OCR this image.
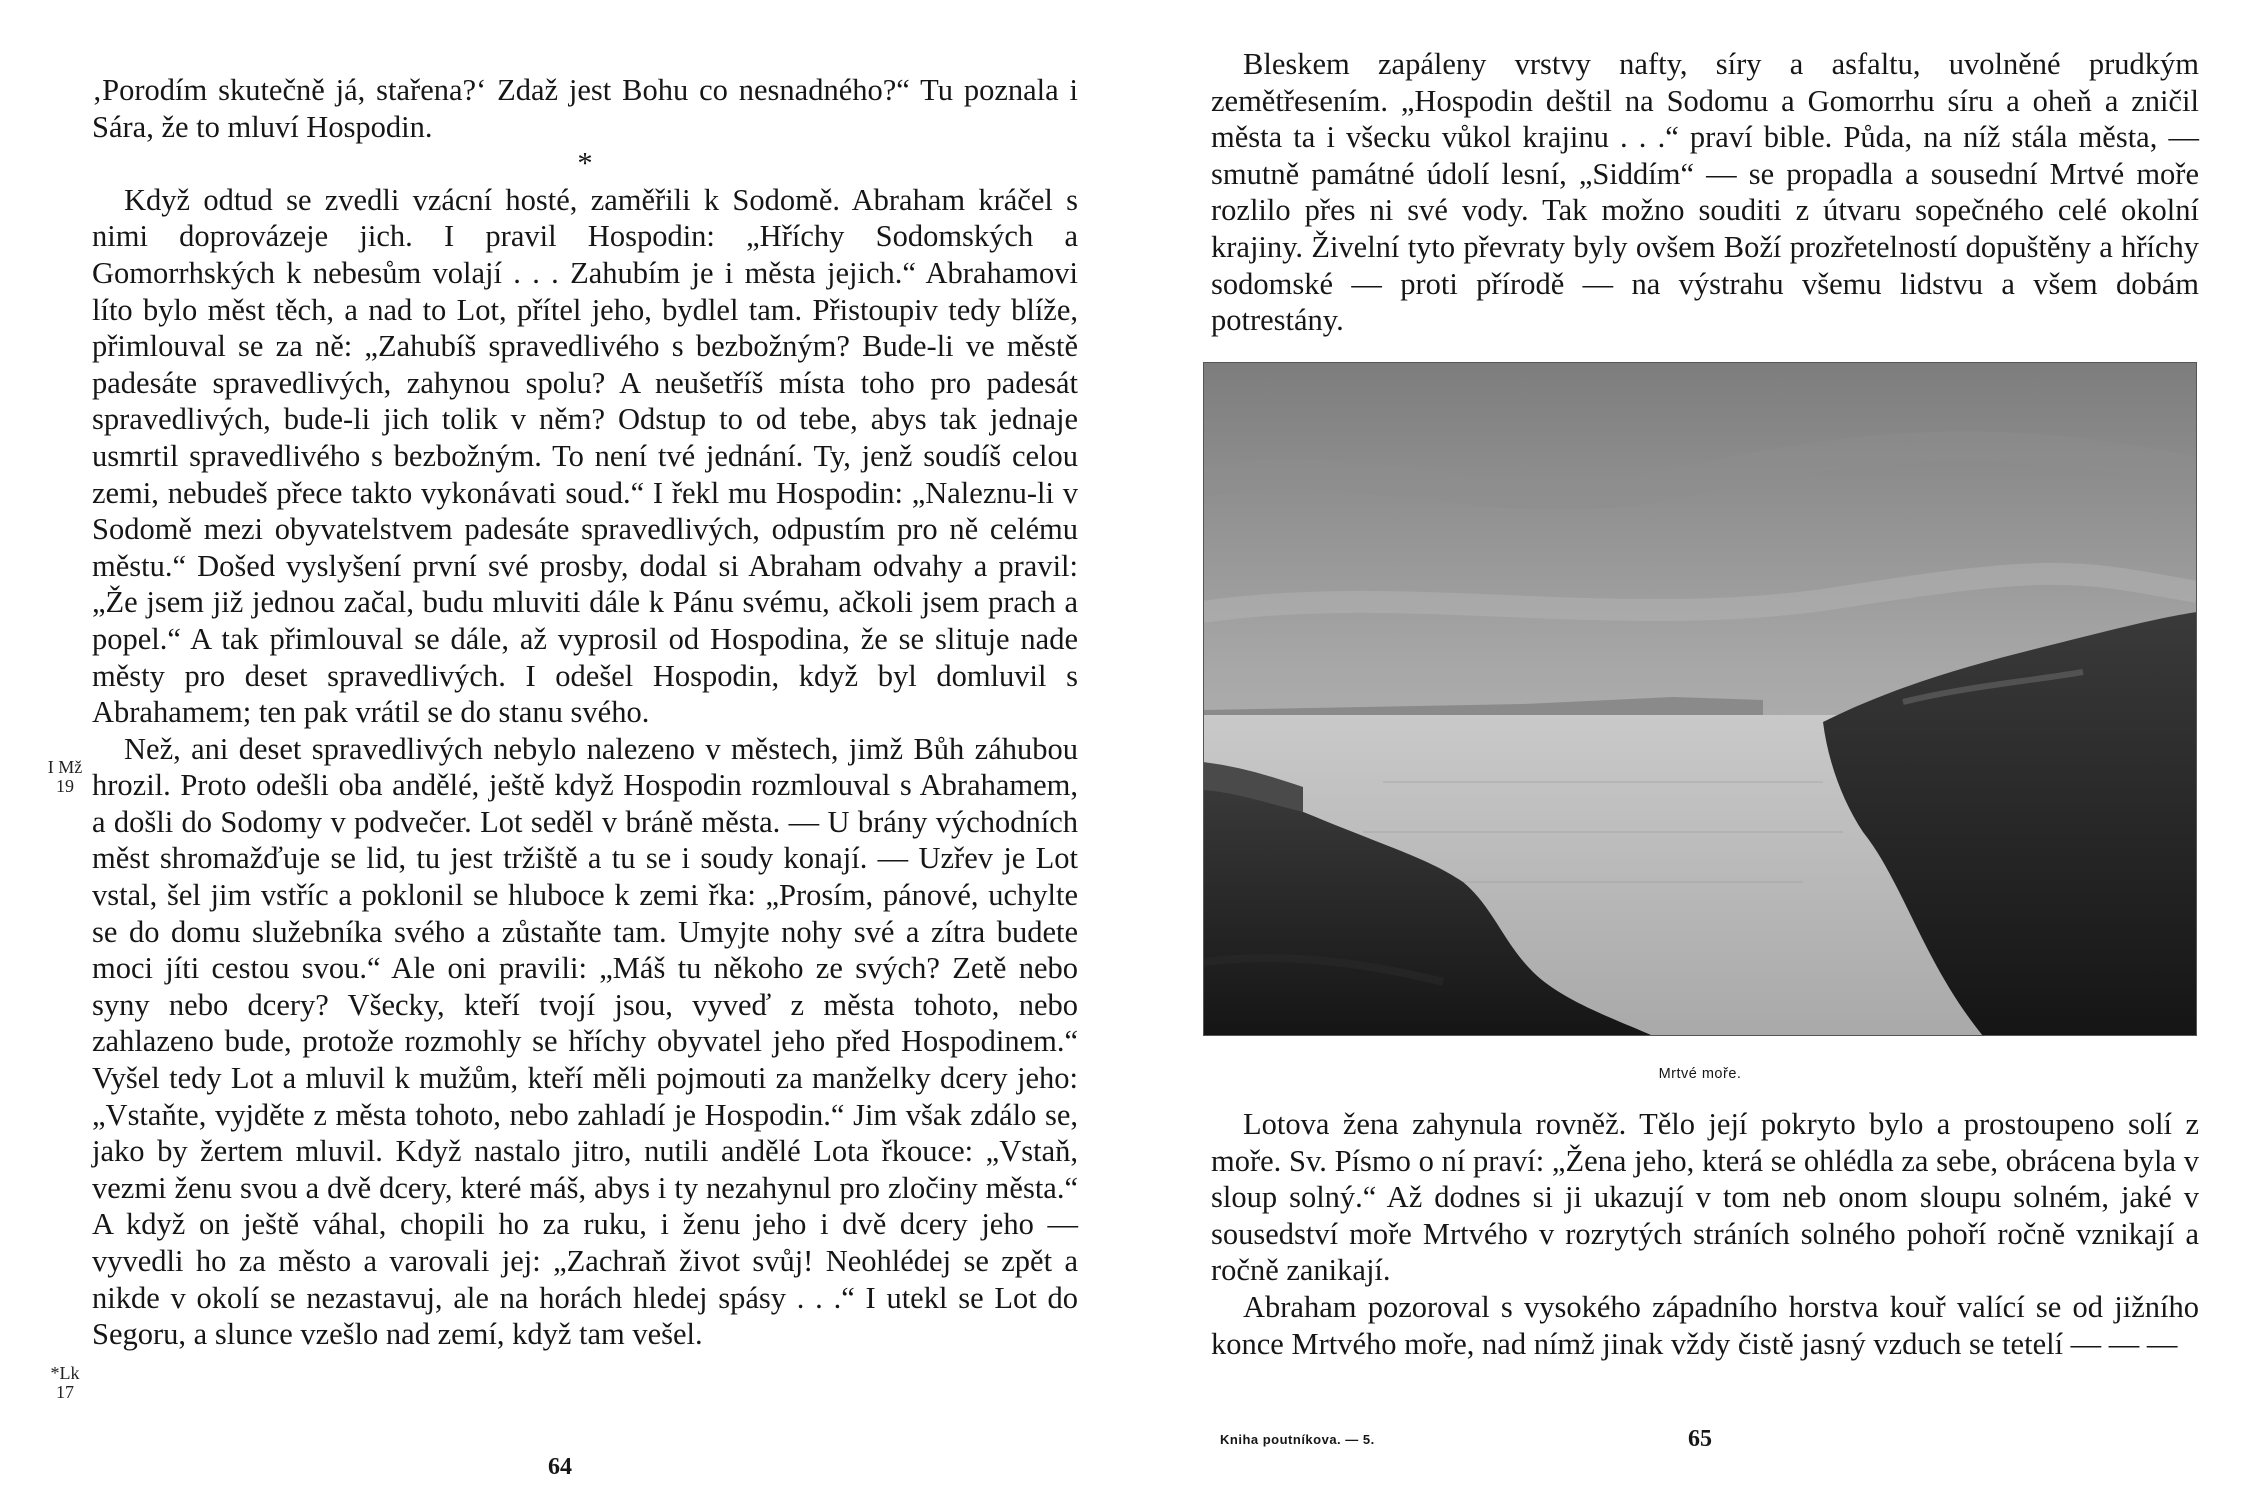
‚Porodím skutečně já, stařena?‘ Zdaž jest Bohu co nesnadného?“ Tu poznala i Sára, že to mluví Hospodin.

*

Když odtud se zvedli vzácní hosté, zaměřili k Sodomě. Abraham kráčel s nimi doprovázeje jich. I pravil Hospodin: „Hříchy Sodomských a Gomorrhských k nebesům volají . . . Zahubím je i města jejich.“ Abrahamovi líto bylo měst těch, a nad to Lot, přítel jeho, bydlel tam. Přistoupiv tedy blíže, přimlouval se za ně: „Zahubíš spravedlivého s bezbožným? Bude-li ve městě padesáte spravedlivých, zahynou spolu? A neušetříš místa toho pro padesát spravedlivých, bude-li jich tolik v něm? Odstup to od tebe, abys tak jednaje usmrtil spravedlivého s bezbožným. To není tvé jednání. Ty, jenž soudíš celou zemi, nebudeš přece takto vykonávati soud.“ I řekl mu Hospodin: „Naleznu-li v Sodomě mezi obyvatelstvem padesáte spravedlivých, odpustím pro ně celému městu.“ Došed vyslyšení první své prosby, dodal si Abraham odvahy a pravil: „Že jsem již jednou začal, budu mluviti dále k Pánu svému, ačkoli jsem prach a popel.“ A tak přimlouval se dále, až vyprosil od Hospodina, že se slituje nade městy pro deset spravedlivých. I odešel Hospodin, když byl domluvil s Abrahamem; ten pak vrátil se do stanu svého.

Než, ani deset spravedlivých nebylo nalezeno v městech, jimž Bůh záhubou hrozil. Proto odešli oba andělé, ještě když Hospodin rozmlouval s Abrahamem, a došli do Sodomy v podvečer. Lot seděl v bráně města. — U brány východních měst shromažďuje se lid, tu jest tržiště a tu se i soudy konají. — Uzřev je Lot vstal, šel jim vstříc a poklonil se hluboce k zemi řka: „Prosím, pánové, uchylte se do domu služebníka svého a zůstaňte tam. Umyjte nohy své a zítra budete moci jíti cestou svou.“ Ale oni pravili: „Máš tu někoho ze svých? Zetě nebo syny nebo dcery? Všecky, kteří tvojí jsou, vyveď z města tohoto, nebo zahlazeno bude, protože rozmohly se hříchy obyvatel jeho před Hospodinem.“ Vyšel tedy Lot a mluvil k mužům, kteří měli pojmouti za manželky dcery jeho: „Vstaňte, vyjděte z města tohoto, nebo zahladí je Hospodin.“ Jim však zdálo se, jako by žertem mluvil. Když nastalo jitro, nutili andělé Lota řkouce: „Vstaň, vezmi ženu svou a dvě dcery, které máš, abys i ty nezahynul pro zločiny města.“ A když on ještě váhal, chopili ho za ruku, i ženu jeho i dvě dcery jeho — vyvedli ho za město a varovali jej: „Zachraň život svůj! Neohlédej se zpět a nikde v okolí se nezastavuj, ale na horách hledej spásy . . .“ I utekl se Lot do Segoru, a slunce vzešlo nad zemí, když tam vešel.

I Mž
19
*Lk
17
64

Bleskem zapáleny vrstvy nafty, síry a asfaltu, uvolněné prudkým zemětřesením. „Hospodin deštil na Sodomu a Gomorrhu síru a oheň a zničil města ta i všecku vůkol krajinu . . .“ praví bible. Půda, na níž stála města, — smutně památné údolí lesní, „Siddím“ — se propadla a sousední Mrtvé moře rozlilo přes ni své vody. Tak možno souditi z útvaru sopečného celé okolní krajiny. Živelní tyto převraty byly ovšem Boží prozřetelností dopuštěny a hříchy sodomské — proti přírodě — na výstrahu všemu lidstvu a všem dobám potrestány.

Mrtvé moře.

Lotova žena zahynula rovněž. Tělo její pokryto bylo a prostoupeno solí z moře. Sv. Písmo o ní praví: „Žena jeho, která se ohlédla za sebe, obrácena byla v sloup solný.“ Až dodnes si ji ukazují v tom neb onom sloupu solném, jaké v sousedství moře Mrtvého v rozrytých stráních solného pohoří ročně vznikají a ročně zanikají.

Abraham pozoroval s vysokého západního horstva kouř valící se od jižního konce Mrtvého moře, nad nímž jinak vždy čistě jasný vzduch se tetelí — — —

Kniha poutníkova. — 5.	65
